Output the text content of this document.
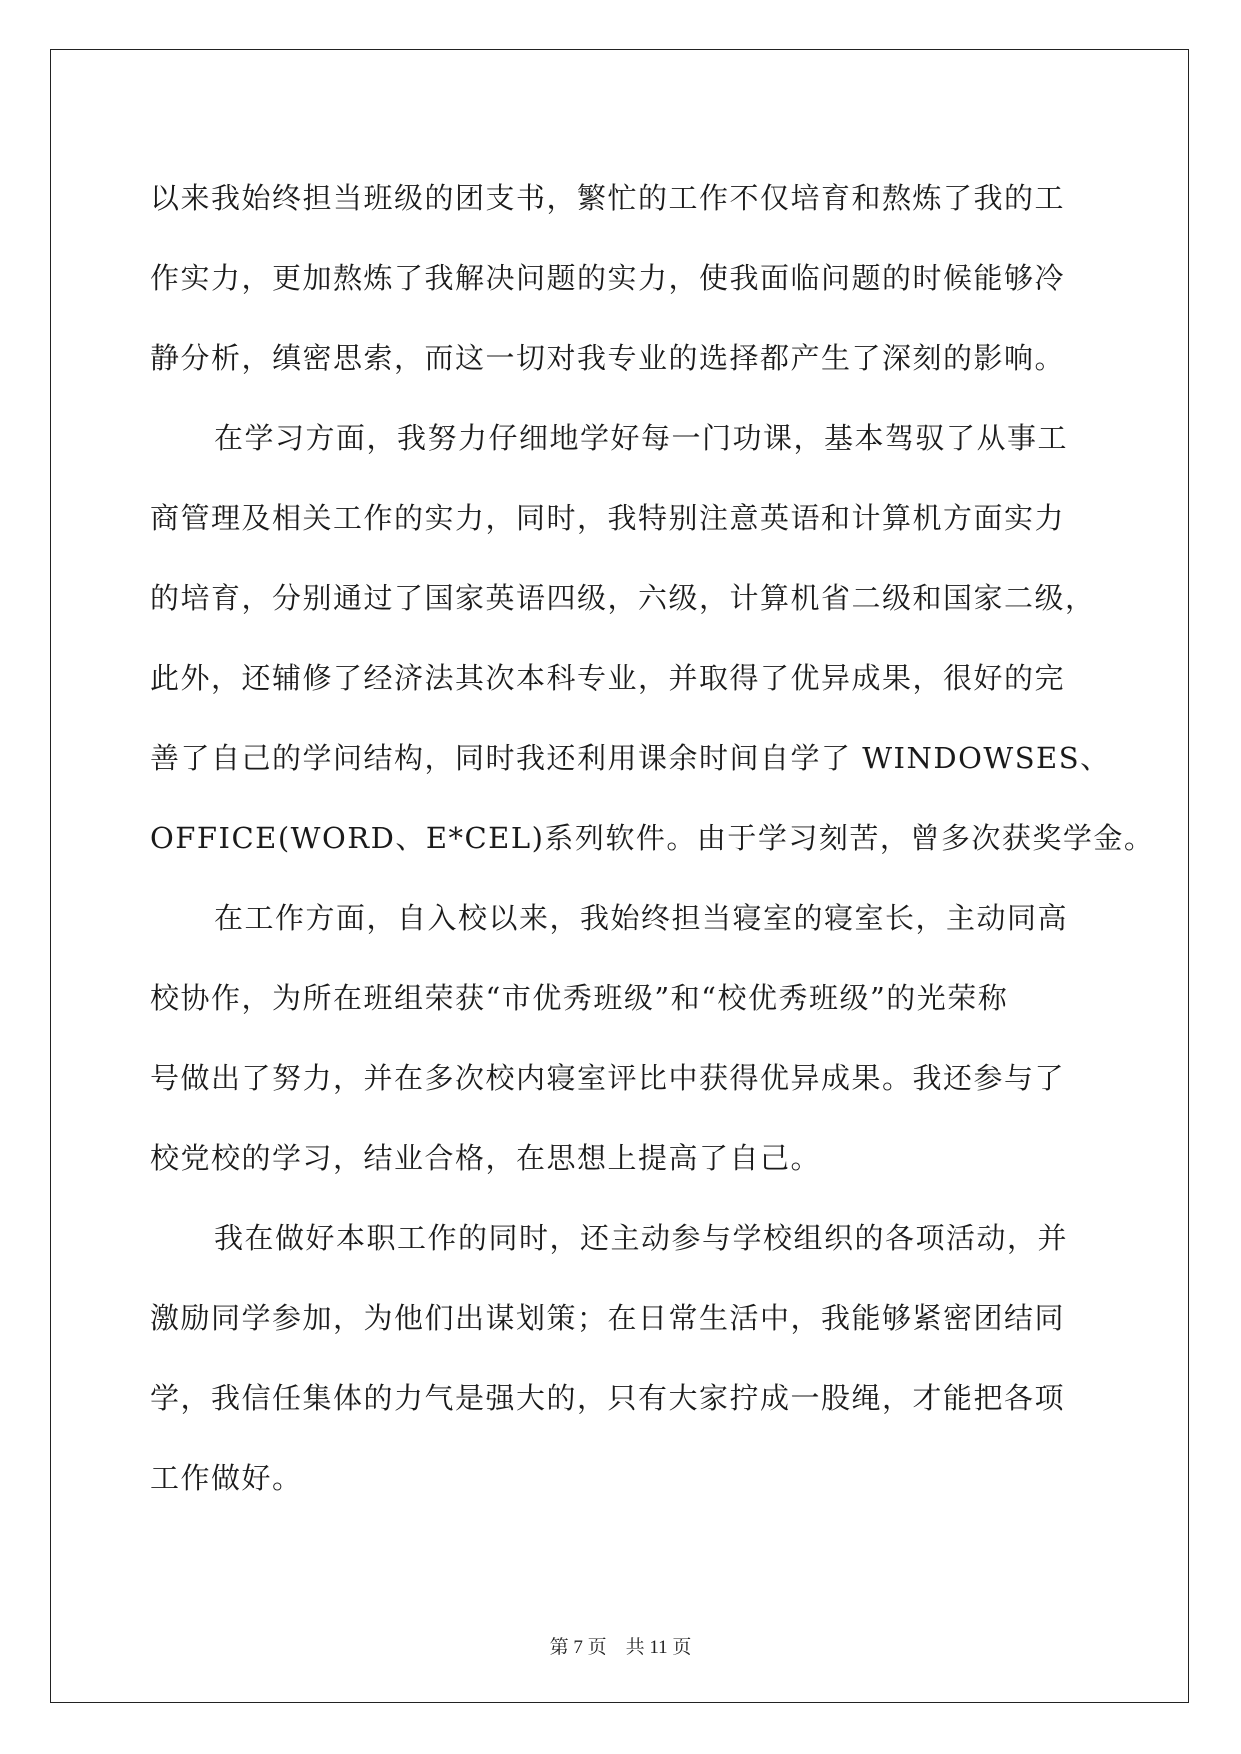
以来我始终担当班级的团支书，繁忙的工作不仅培育和熬炼了我的工
作实力，更加熬炼了我解决问题的实力，使我面临问题的时候能够冷
静分析，缜密思索，而这一切对我专业的选择都产生了深刻的影响。
在学习方面，我努力仔细地学好每一门功课，基本驾驭了从事工
商管理及相关工作的实力，同时，我特别注意英语和计算机方面实力
的培育，分别通过了国家英语四级，六级，计算机省二级和国家二级，
此外，还辅修了经济法其次本科专业，并取得了优异成果，很好的完
善了自己的学问结构，同时我还利用课余时间自学了 WINDOWSES、
OFFICE(WORD、E*CEL)系列软件。由于学习刻苦，曾多次获奖学金。
在工作方面，自入校以来，我始终担当寝室的寝室长，主动同高
校协作，为所在班组荣获“市优秀班级”和“校优秀班级”的光荣称
号做出了努力，并在多次校内寝室评比中获得优异成果。我还参与了
校党校的学习，结业合格，在思想上提高了自己。
我在做好本职工作的同时，还主动参与学校组织的各项活动，并
激励同学参加，为他们出谋划策；在日常生活中，我能够紧密团结同
学，我信任集体的力气是强大的，只有大家拧成一股绳，才能把各项
工作做好。
第 7 页　共 11 页
